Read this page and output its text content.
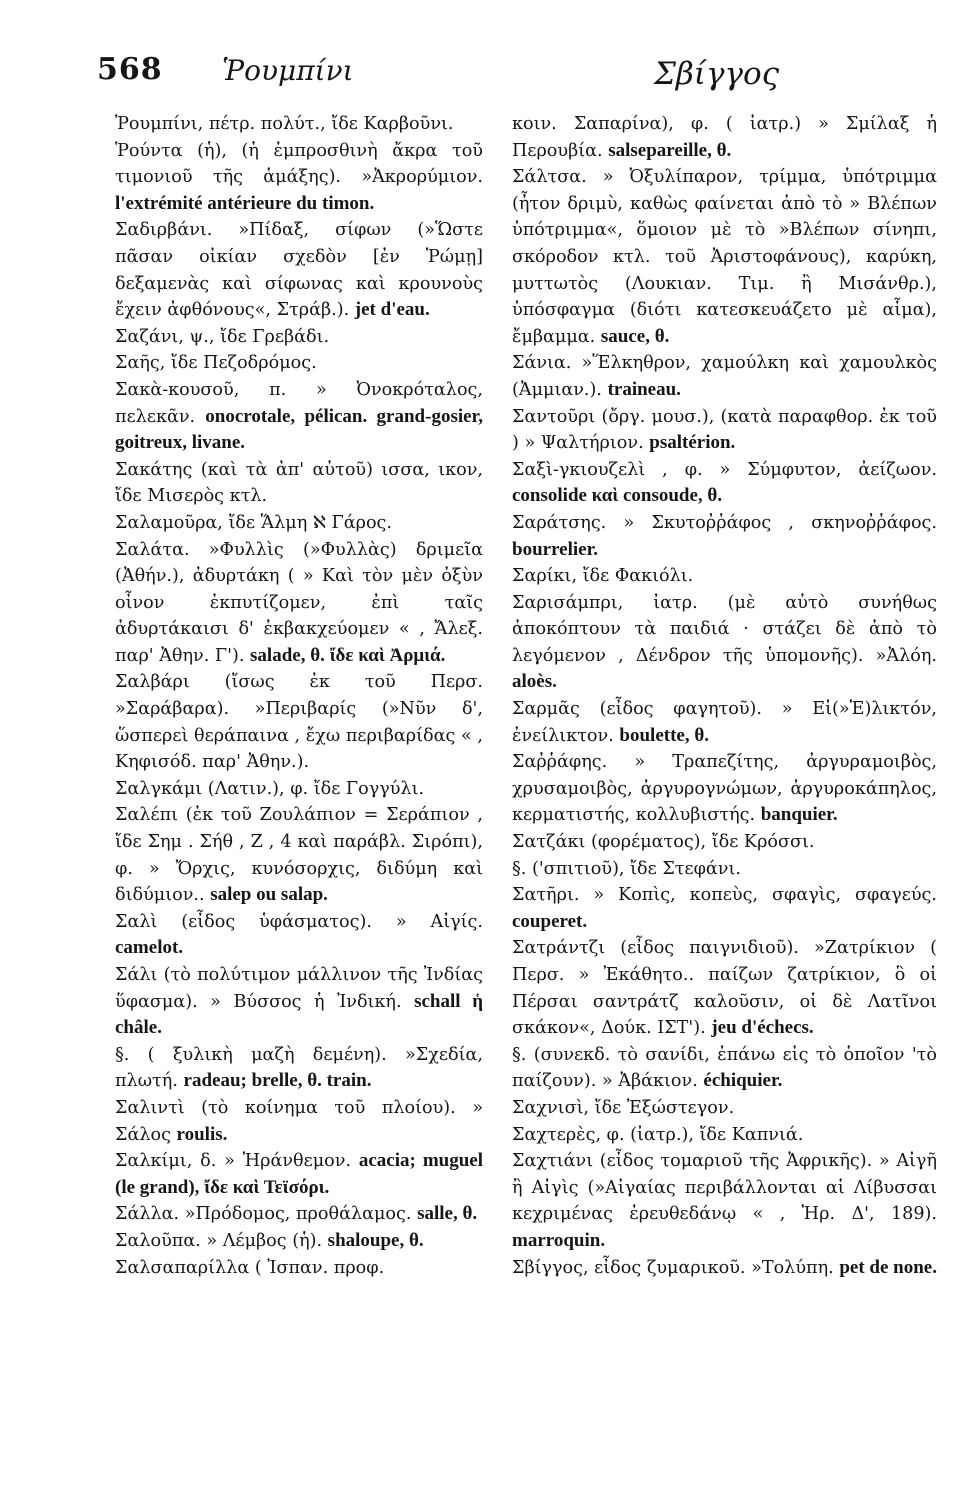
568 Ῥουμπίνι	Σβίγγος

Ῥουμπίνι, πέτρ. πολύτ., ἴδε Καρβοῦνι.

Ῥούντα (ἡ), (ἡ ἐμπροσθινὴ ἄκρα τοῦ τιμονιοῦ τῆς ἁμάξης). »Ἀκρορύμιον. l'extrémité antérieure du timon.

Σαδιρβάνι. »Πίδαξ, σίφων (»Ὥστε πᾶσαν οἰκίαν σχεδὸν [ἐν Ῥώμῃ] δεξαμενὰς καὶ σίφωνας καὶ κρουνοὺς ἔχειν ἀφθόνους«, Στράβ.). jet d'eau.

Σαζάνι, ψ., ἴδε Γρεβάδι.

Σαῆς, ἴδε Πεζοδρόμος.

Σακὰ-κουσοῦ, π. » Ὀνοκρόταλος, πελεκᾶν. onocrotale, pélican. grand-gosier, goitreux, livane.

Σακάτης (καὶ τὰ ἀπ' αὐτοῦ) ισσα, ικον, ἴδε Μισερὸς κτλ.

Σαλαμοῦρα, ἴδε Ἅλμη ℵ Γάρος.

Σαλάτα. »Φυλλὶς (»Φυλλὰς) δριμεῖα (Ἀθήν.), ἀδυρτάκη ( » Καὶ τὸν μὲν ὀξὺν οἶνον ἐκπυτίζομεν, ἐπὶ ταῖς ἀδυρτάκαισι δ' ἐκβακχεύομεν « , Ἄλεξ. παρ' Ἀθην. Γ'). salade, θ. ἴδε καὶ Ἀρμιά.

Σαλβάρι (ἴσως ἐκ τοῦ Περσ. »Σαράβαρα). »Περιβαρίς (»Νῦν δ', ὥσπερεὶ θεράπαινα , ἔχω περιβαρίδας « , Κηφισόδ. παρ' Ἀθην.).

Σαλγκάμι (Λατιν.), φ. ἴδε Γογγύλι.

Σαλέπι (ἐκ τοῦ Ζουλάπιον = Σεράπιον , ἴδε Σημ . Σήθ , Ζ , 4 καὶ παράβλ. Σιρόπι), φ. » Ὄρχις, κυνόσορχις, διδύμη καὶ διδύμιον.. salep ou salap.

Σαλὶ (εἶδος ὑφάσματος). » Αἰγίς. camelot.

Σάλι (τὸ πολύτιμον μάλλινον τῆς Ἰνδίας ὕφασμα). » Βύσσος ἡ Ἰνδική. schall ἡ châle.

§. ( ξυλικὴ μαζὴ δεμένη). »Σχεδία, πλωτή. radeau; brelle, θ. train.

Σαλιντὶ (τὸ κοίνημα τοῦ πλοίου). » Σάλος roulis.

Σαλκίμι, δ. » Ἡράνθεμον. acacia; muguel (le grand), ἴδε καὶ Τεϊσόρι.

Σάλλα. »Πρόδομος, προθάλαμος. salle, θ.

Σαλοῦπα. » Λέμβος (ἡ). shaloupe, θ.

Σαλσαπαρίλλα ( Ἰσπαν. προφ.

κοιν. Σαπαρίνα), φ. ( ἰατρ.) » Σμίλαξ ἡ Περουβία. salsepareille, θ.

Σάλτσα. » Ὀξυλίπαρον, τρίμμα, ὑπότριμμα (ἦτον δριμὺ, καθὼς φαίνεται ἀπὸ τὸ » Βλέπων ὑπότριμμα«, ὅμοιον μὲ τὸ »Βλέπων σίνηπι, σκόροδον κτλ. τοῦ Ἀριστοφάνους), καρύκη, μυττωτὸς (Λουκιαν. Τιμ. ἢ Μισάνθρ.), ὑπόσφαγμα (διότι κατεσκευάζετο μὲ αἷμα), ἔμβαμμα. sauce, θ.

Σάνια. »Ἕλκηθρον, χαμούλκη καὶ χαμουλκὸς (Ἀμμιαν.). traineau.

Σαντοῦρι (ὄργ. μουσ.), (κατὰ παραφθορ. ἐκ τοῦ ) » Ψαλτήριον. psaltérion.

Σαξὶ-γκιουζελὶ , φ. » Σύμφυτον, ἀείζωον. consolide καὶ consoude, θ.

Σαράτσης. » Σκυτοῤῥάφος , σκηνοῤῥάφος. bourrelier.

Σαρίκι, ἴδε Φακιόλι.

Σαρισάμπρι, ἰατρ. (μὲ αὐτὸ συνήθως ἀποκόπτουν τὰ παιδιά · στάζει δὲ ἀπὸ τὸ λεγόμενον , Δένδρον τῆς ὑπομονῆς). »Ἀλόη. aloès.

Σαρμᾶς (εἶδος φαγητοῦ). » Εἰ(»Ἑ)λικτόν, ἐνείλικτον. boulette, θ.

Σαῤῥάφης. » Τραπεζίτης, ἀργυραμοιβὸς, χρυσαμοιβὸς, ἀργυρογνώμων, ἀργυροκάπηλος, κερματιστής, κολλυβιστής. banquier.

Σατζάκι (φορέματος), ἴδε Κρόσσι.

§. ('σπιτιοῦ), ἴδε Στεφάνι.

Σατῆρι. » Κοπὶς, κοπεὺς, σφαγὶς, σφαγεύς. couperet.

Σατράντζι (εἶδος παιγνιδιοῦ). »Ζατρίκιον ( Περσ. » Ἐκάθητο.. παίζων ζατρίκιον, ὃ οἱ Πέρσαι σαντράτζ καλοῦσιν, οἱ δὲ Λατῖνοι σκάκον«, Δούκ. ΙΣΤ'). jeu d'échecs.

§. (συνεκδ. τὸ σανίδι, ἐπάνω εἰς τὸ ὁποῖον 'τὸ παίζουν). » Ἀβάκιον. échiquier.

Σαχνισὶ, ἴδε Ἐξώστεγον.

Σαχτερὲς, φ. (ἰατρ.), ἴδε Καπνιά.

Σαχτιάνι (εἶδος τομαριοῦ τῆς Ἀφρικῆς). » Αἰγῆ ἢ Αἰγὶς (»Αἰγαίας περιβάλλονται αἱ Λίβυσσαι κεχριμένας ἐρευθεδάνῳ « , Ἡρ. Δ', 189). marroquin.

Σβίγγος, εἶδος ζυμαρικοῦ. »Τολύπη. pet de none.
